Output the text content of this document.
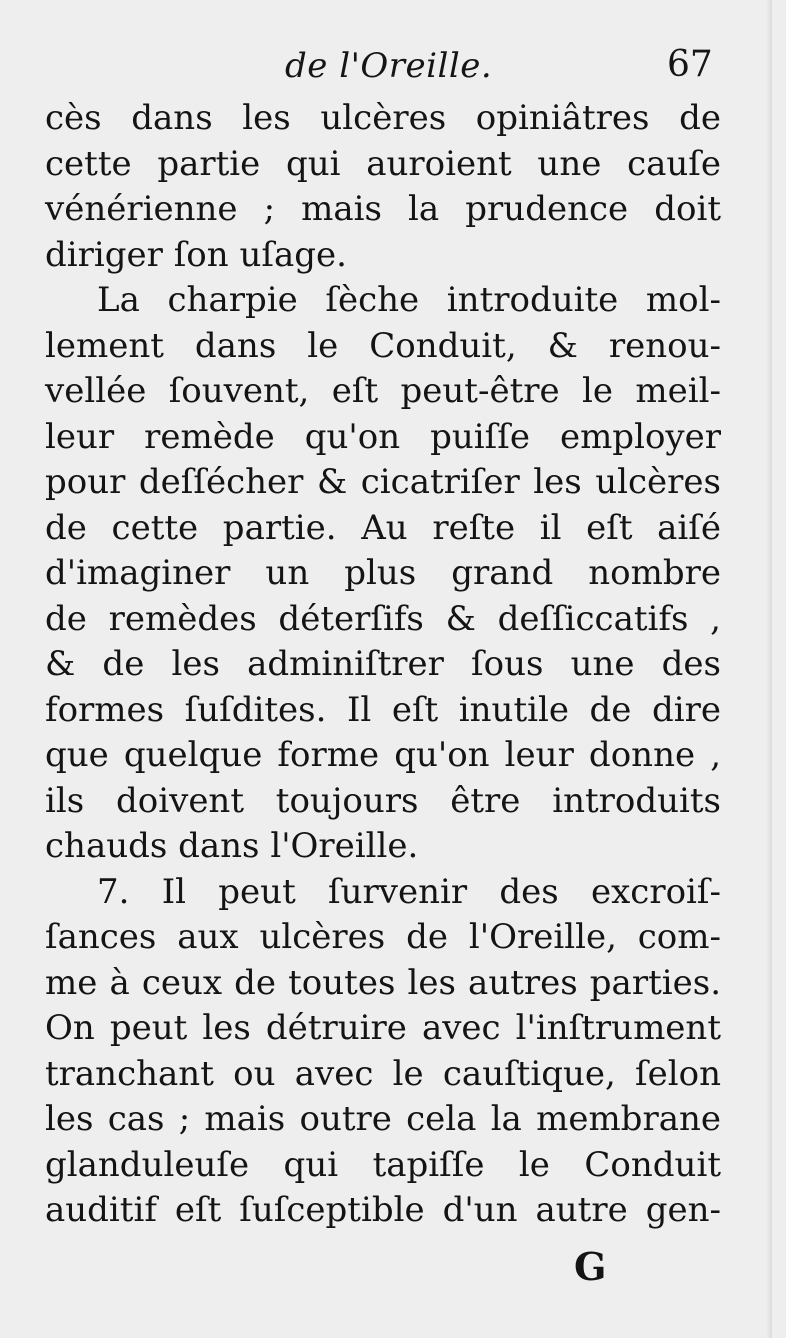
de l'Oreille.	67
cès dans les ulcères opiniâtres de
cette partie qui auroient une cauſe
vénérienne ; mais la prudence doit
diriger ſon uſage.
La charpie ſèche introduite mol-
lement dans le Conduit, & renou-
vellée ſouvent, eſt peut-être le meil-
leur remède qu'on puiſſe employer
pour deſſécher & cicatriſer les ulcères
de cette partie. Au reſte il eſt aiſé
d'imaginer un plus grand nombre
de remèdes déterſifs & deſſiccatifs ,
& de les adminiſtrer ſous une des
formes ſuſdites. Il eſt inutile de dire
que quelque forme qu'on leur donne ,
ils doivent toujours être introduits
chauds dans l'Oreille.
7. Il peut ſurvenir des excroiſ-
ſances aux ulcères de l'Oreille, com-
me à ceux de toutes les autres parties.
On peut les détruire avec l'inſtrument
tranchant ou avec le cauſtique, ſelon
les cas ; mais outre cela la membrane
glanduleuſe qui tapiſſe le Conduit
auditif eſt ſuſceptible d'un autre gen-
G
